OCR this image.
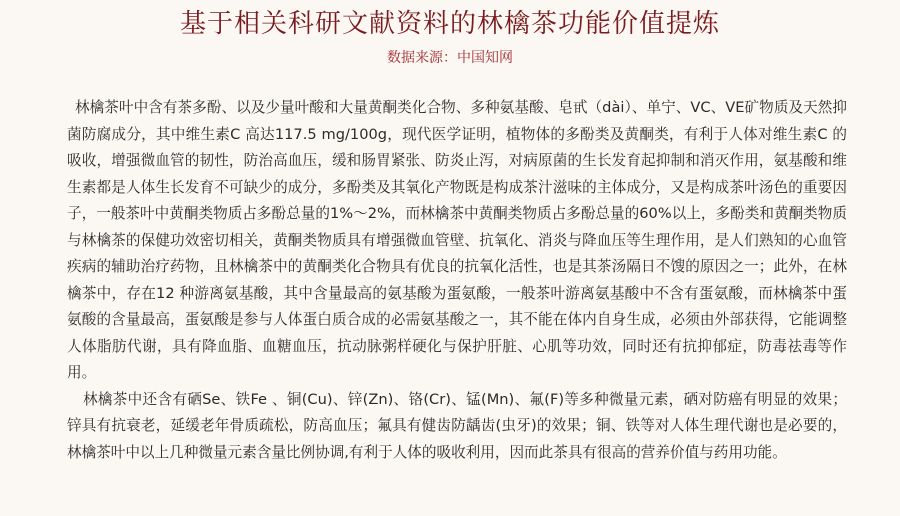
基于相关科研文献资料的林檎茶功能价值提炼
数据来源：中国知网

林檎茶叶中含有茶多酚、以及少量叶酸和大量黄酮类化合物、多种氨基酸、皂甙（dài）、单宁、VC、VE矿物质及天然抑菌防腐成分，其中维生素C 高达117.5 mg/100g，现代医学证明，植物体的多酚类及黄酮类，有利于人体对维生素C 的吸收，增强微血管的韧性，防治高血压，缓和肠胃紧张、防炎止泻，对病原菌的生长发育起抑制和消灭作用，氨基酸和维生素都是人体生长发育不可缺少的成分，多酚类及其氧化产物既是构成茶汁滋味的主体成分，又是构成茶叶汤色的重要因子，一般茶叶中黄酮类物质占多酚总量的1%～2%，而林檎茶中黄酮类物质占多酚总量的60%以上，多酚类和黄酮类物质与林檎茶的保健功效密切相关，黄酮类物质具有增强微血管壁、抗氧化、消炎与降血压等生理作用，是人们熟知的心血管疾病的辅助治疗药物，且林檎茶中的黄酮类化合物具有优良的抗氧化活性，也是其茶汤隔日不馊的原因之一；此外，在林檎茶中，存在12 种游离氨基酸，其中含量最高的氨基酸为蛋氨酸，一般茶叶游离氨基酸中不含有蛋氨酸，而林檎茶中蛋氨酸的含量最高，蛋氨酸是参与人体蛋白质合成的必需氨基酸之一，其不能在体内自身生成，必须由外部获得，它能调整人体脂肪代谢，具有降血脂、血糖血压，抗动脉粥样硬化与保护肝脏、心肌等功效，同时还有抗抑郁症，防毒祛毒等作用。

林檎茶中还含有硒Se、铁Fe 、铜(Cu)、锌(Zn)、铬(Cr)、锰(Mn)、氟(F)等多种微量元素，硒对防癌有明显的效果；锌具有抗衰老，延缓老年骨质疏松，防高血压；氟具有健齿防龋齿(虫牙)的效果；铜、铁等对人体生理代谢也是必要的，林檎茶叶中以上几种微量元素含量比例协调,有利于人体的吸收利用，因而此茶具有很高的营养价值与药用功能。
